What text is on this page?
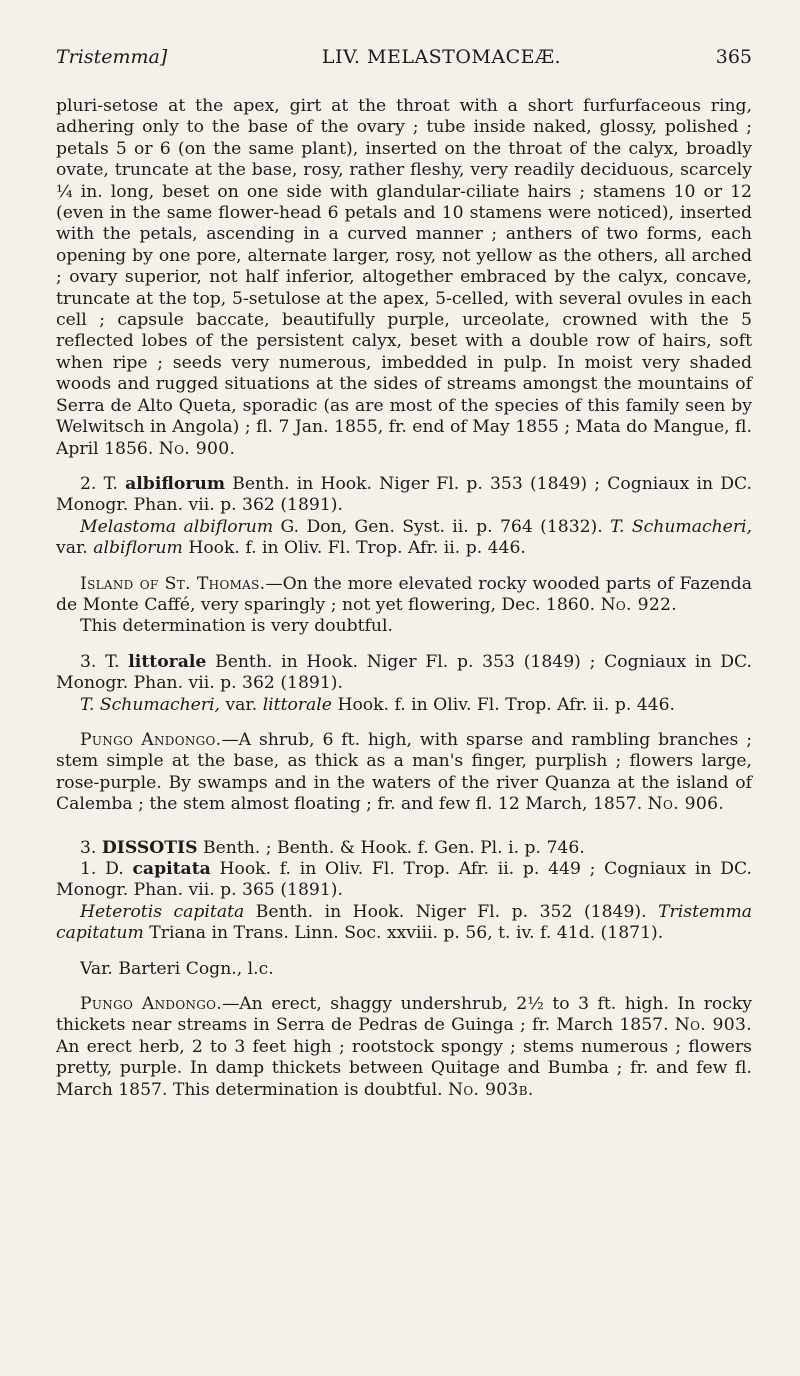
Tristemma]	LIV. MELASTOMACEÆ.	365

pluri-setose at the apex, girt at the throat with a short furfurfaceous ring, adhering only to the base of the ovary ; tube inside naked, glossy, polished ; petals 5 or 6 (on the same plant), inserted on the throat of the calyx, broadly ovate, truncate at the base, rosy, rather fleshy, very readily deciduous, scarcely ¼ in. long, beset on one side with glandular-ciliate hairs ; stamens 10 or 12 (even in the same flower-head 6 petals and 10 stamens were noticed), inserted with the petals, ascending in a curved manner ; anthers of two forms, each opening by one pore, alternate larger, rosy, not yellow as the others, all arched ; ovary superior, not half inferior, altogether embraced by the calyx, concave, truncate at the top, 5-setulose at the apex, 5-celled, with several ovules in each cell ; capsule baccate, beautifully purple, urceolate, crowned with the 5 reflected lobes of the persistent calyx, beset with a double row of hairs, soft when ripe ; seeds very numerous, imbedded in pulp. In moist very shaded woods and rugged situations at the sides of streams amongst the mountains of Serra de Alto Queta, sporadic (as are most of the species of this family seen by Welwitsch in Angola) ; fl. 7 Jan. 1855, fr. end of May 1855 ; Mata do Mangue, fl. April 1856. No. 900.

2. T. albiflorum Benth. in Hook. Niger Fl. p. 353 (1849) ; Cogniaux in DC. Monogr. Phan. vii. p. 362 (1891).

Melastoma albiflorum G. Don, Gen. Syst. ii. p. 764 (1832). T. Schumacheri, var. albiflorum Hook. f. in Oliv. Fl. Trop. Afr. ii. p. 446.

Island of St. Thomas.—On the more elevated rocky wooded parts of Fazenda de Monte Caffé, very sparingly ; not yet flowering, Dec. 1860. No. 922.

This determination is very doubtful.

3. T. littorale Benth. in Hook. Niger Fl. p. 353 (1849) ; Cogniaux in DC. Monogr. Phan. vii. p. 362 (1891).

T. Schumacheri, var. littorale Hook. f. in Oliv. Fl. Trop. Afr. ii. p. 446.

Pungo Andongo.—A shrub, 6 ft. high, with sparse and rambling branches ; stem simple at the base, as thick as a man's finger, purplish ; flowers large, rose-purple. By swamps and in the waters of the river Quanza at the island of Calemba ; the stem almost floating ; fr. and few fl. 12 March, 1857. No. 906.

3. DISSOTIS Benth. ; Benth. & Hook. f. Gen. Pl. i. p. 746.

1. D. capitata Hook. f. in Oliv. Fl. Trop. Afr. ii. p. 449 ; Cogniaux in DC. Monogr. Phan. vii. p. 365 (1891).

Heterotis capitata Benth. in Hook. Niger Fl. p. 352 (1849). Tristemma capitatum Triana in Trans. Linn. Soc. xxviii. p. 56, t. iv. f. 41d. (1871).

Var. Barteri Cogn., l.c.

Pungo Andongo.—An erect, shaggy undershrub, 2½ to 3 ft. high. In rocky thickets near streams in Serra de Pedras de Guinga ; fr. March 1857. No. 903. An erect herb, 2 to 3 feet high ; rootstock spongy ; stems numerous ; flowers pretty, purple. In damp thickets between Quitage and Bumba ; fr. and few fl. March 1857. This determination is doubtful. No. 903b.
